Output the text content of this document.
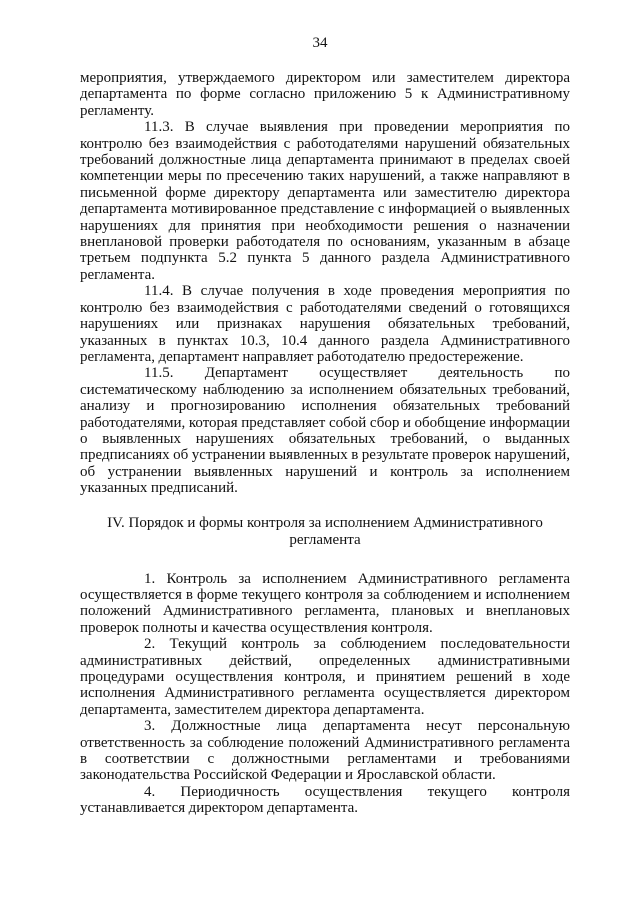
34

мероприятия, утверждаемого директором или заместителем директора департамента по форме согласно приложению 5 к Административному регламенту.

11.3. В случае выявления при проведении мероприятия по контролю без взаимодействия с работодателями нарушений обязательных требований должностные лица департамента принимают в пределах своей компетенции меры по пресечению таких нарушений, а также направляют в письменной форме директору департамента или заместителю директора департамента мотивированное представление с информацией о выявленных нарушениях для принятия при необходимости решения о назначении внеплановой проверки работодателя по основаниям, указанным в абзаце третьем подпункта 5.2 пункта 5 данного раздела Административного регламента.

11.4. В случае получения в ходе проведения мероприятия по контролю без взаимодействия с работодателями сведений о готовящихся нарушениях или признаках нарушения обязательных требований, указанных в пунктах 10.3, 10.4 данного раздела Административного регламента, департамент направляет работодателю предостережение.

11.5. Департамент осуществляет деятельность по систематическому наблюдению за исполнением обязательных требований, анализу и прогнозированию исполнения обязательных требований работодателями, которая представляет собой сбор и обобщение информации о выявленных нарушениях обязательных требований, о выданных предписаниях об устранении выявленных в результате проверок нарушений, об устранении выявленных нарушений и контроль за исполнением указанных предписаний.

IV. Порядок и формы контроля за исполнением Административного
регламента

1. Контроль за исполнением Административного регламента осуществляется в форме текущего контроля за соблюдением и исполнением положений Административного регламента, плановых и внеплановых проверок полноты и качества осуществления контроля.

2. Текущий контроль за соблюдением последовательности административных действий, определенных административными процедурами осуществления контроля, и принятием решений в ходе исполнения Административного регламента осуществляется директором департамента, заместителем директора департамента.

3. Должностные лица департамента несут персональную ответственность за соблюдение положений Административного регламента в соответствии с должностными регламентами и требованиями законодательства Российской Федерации и Ярославской области.

4. Периодичность осуществления текущего контроля устанавливается директором департамента.
